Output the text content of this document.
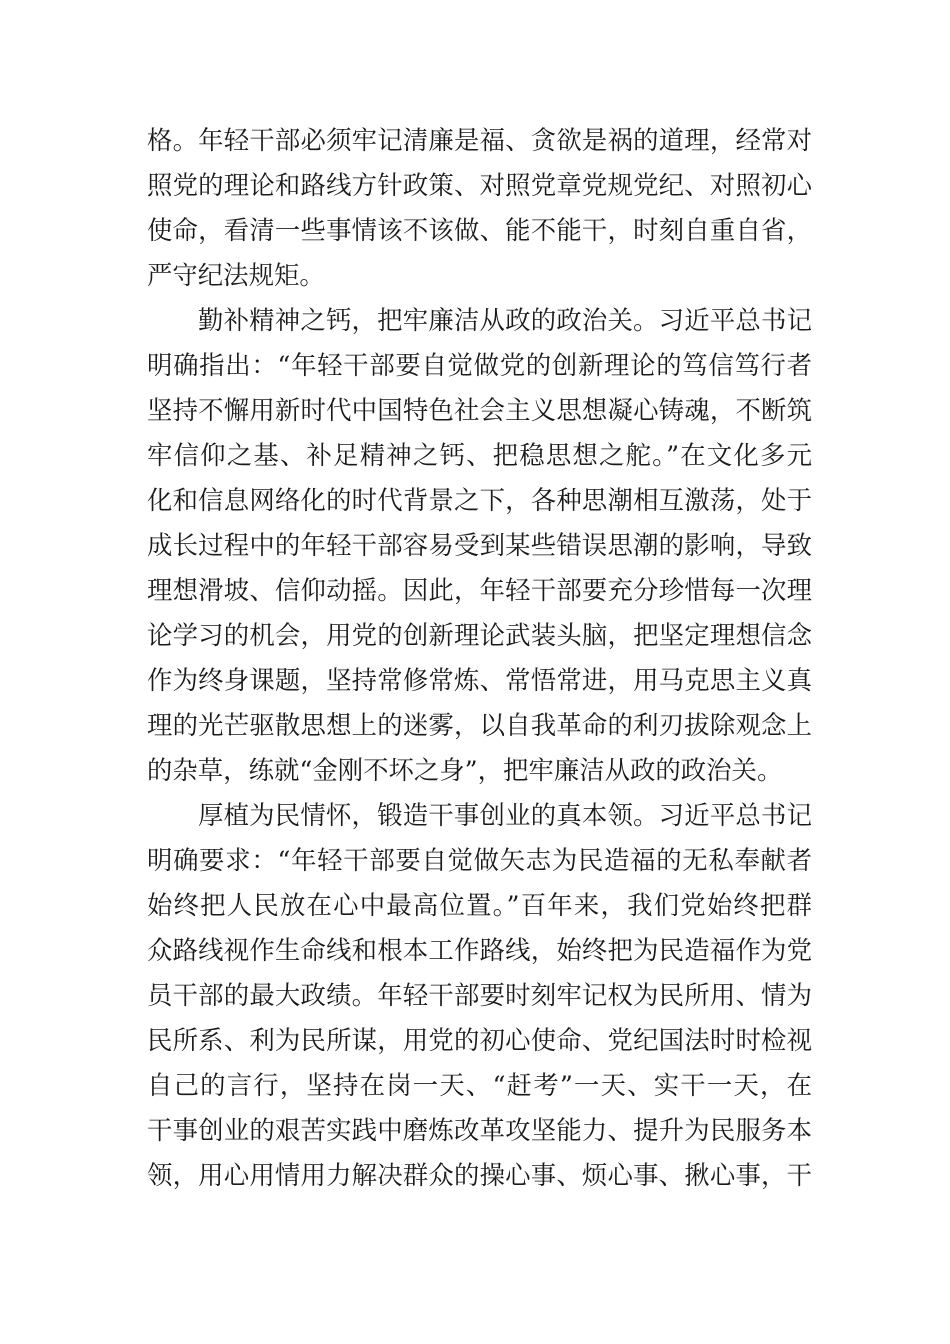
格。年轻干部必须牢记清廉是福、贪欲是祸的道理，经常对
照党的理论和路线方针政策、对照党章党规党纪、对照初心
使命，看清一些事情该不该做、能不能干，时刻自重自省，
严守纪法规矩。
勤补精神之钙，把牢廉洁从政的政治关。习近平总书记
明确指出：“年轻干部要自觉做党的创新理论的笃信笃行者
坚持不懈用新时代中国特色社会主义思想凝心铸魂，不断筑
牢信仰之基、补足精神之钙、把稳思想之舵。”在文化多元
化和信息网络化的时代背景之下，各种思潮相互激荡，处于
成长过程中的年轻干部容易受到某些错误思潮的影响，导致
理想滑坡、信仰动摇。因此，年轻干部要充分珍惜每一次理
论学习的机会，用党的创新理论武装头脑，把坚定理想信念
作为终身课题，坚持常修常炼、常悟常进，用马克思主义真
理的光芒驱散思想上的迷雾，以自我革命的利刃拔除观念上
的杂草，练就“金刚不坏之身”，把牢廉洁从政的政治关。
厚植为民情怀，锻造干事创业的真本领。习近平总书记
明确要求：“年轻干部要自觉做矢志为民造福的无私奉献者
始终把人民放在心中最高位置。”百年来，我们党始终把群
众路线视作生命线和根本工作路线，始终把为民造福作为党
员干部的最大政绩。年轻干部要时刻牢记权为民所用、情为
民所系、利为民所谋，用党的初心使命、党纪国法时时检视
自己的言行，坚持在岗一天、“赶考”一天、实干一天，在
干事创业的艰苦实践中磨炼改革攻坚能力、提升为民服务本
领，用心用情用力解决群众的操心事、烦心事、揪心事，干
